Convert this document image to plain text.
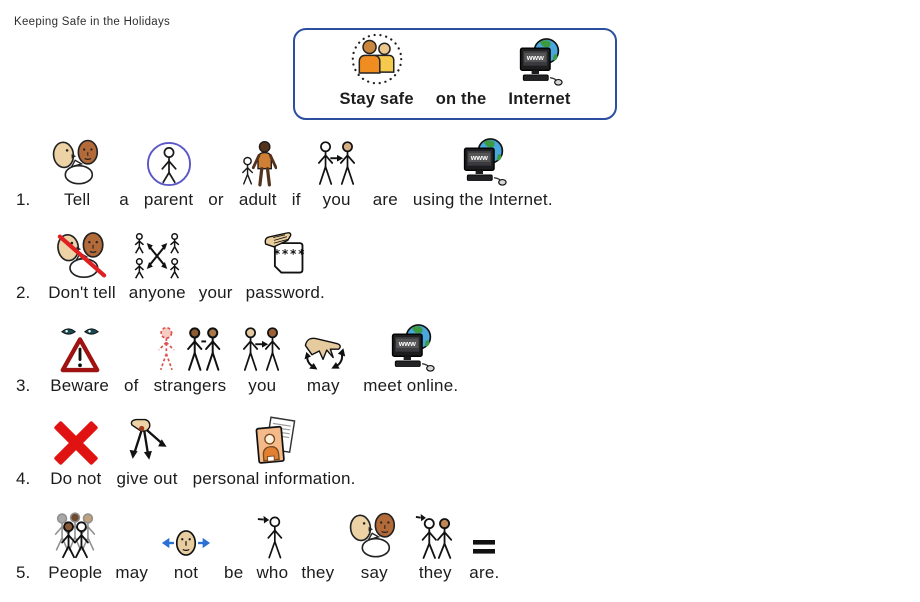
Keeping Safe in the Holidays
Stay safe on the
www
Internet
1. Tell a parent or adult if you are
www
using the Internet.
2. Don't tell anyone your
****
password.
3. Beware of strangers you may
www
meet online.
4. Do not give out personal information.
5. People may not be who they say they are.
